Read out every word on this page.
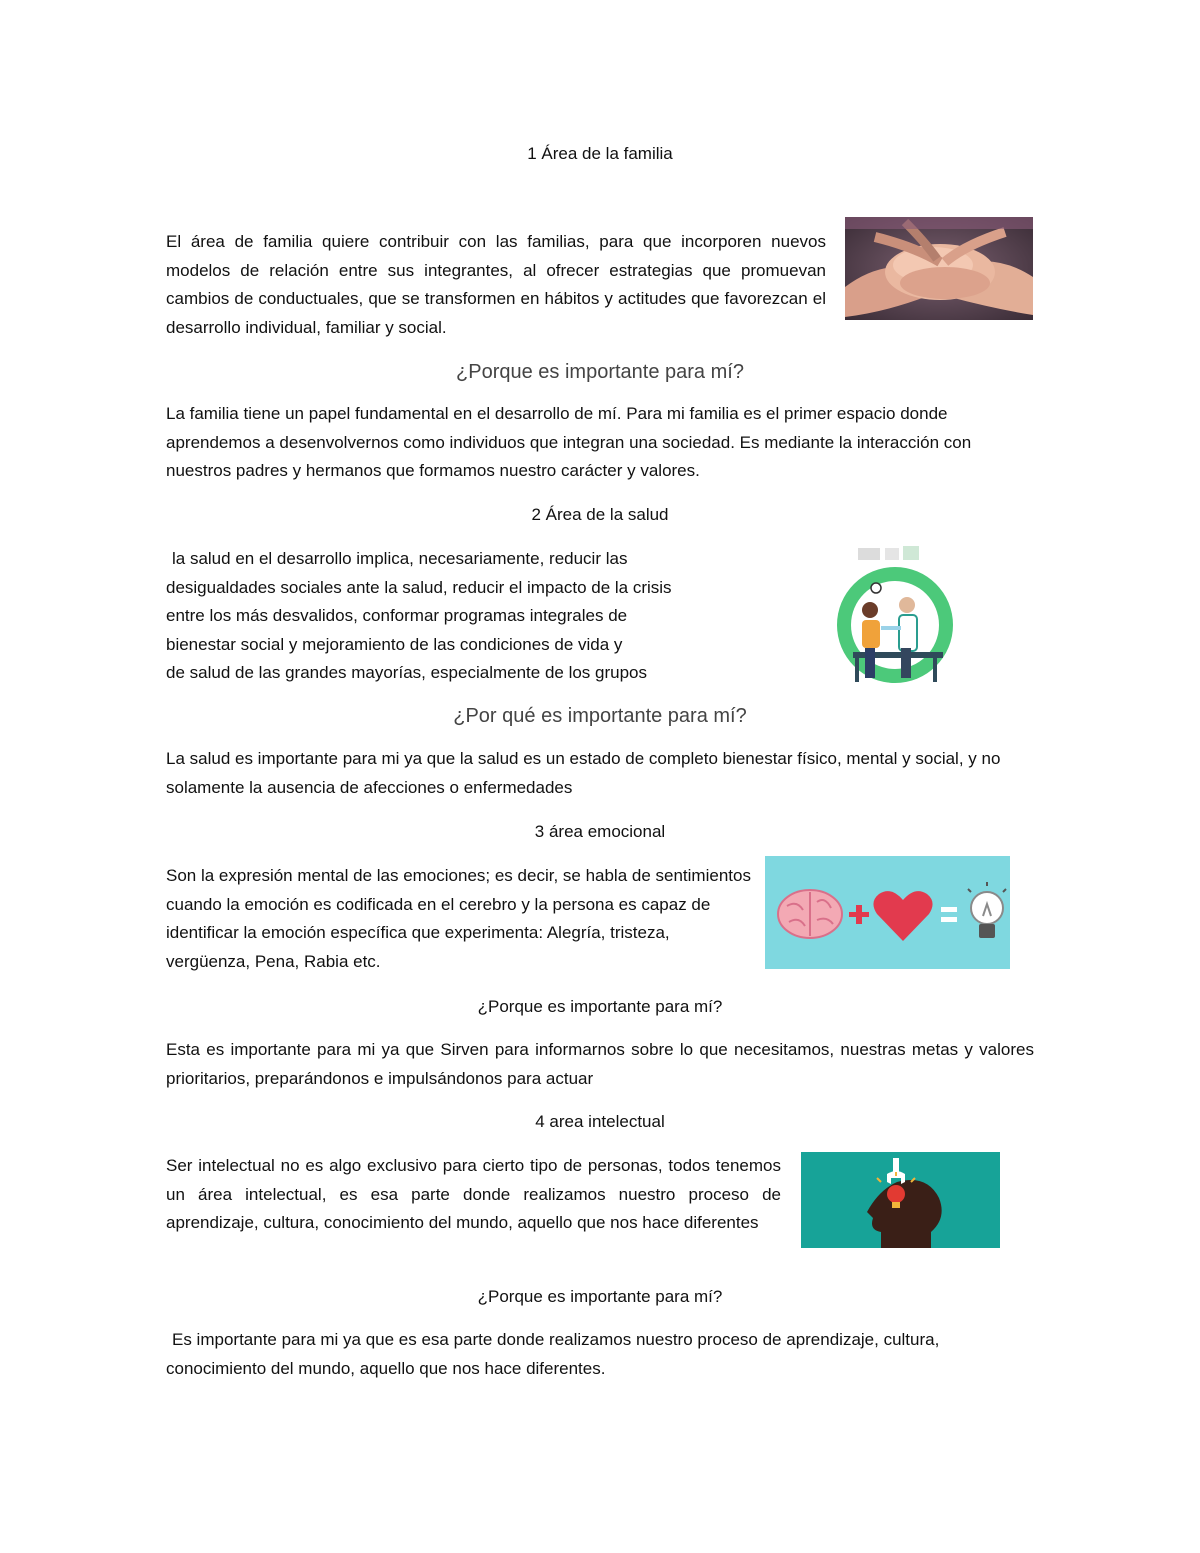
1 Área de la familia

El área de familia quiere contribuir con las familias, para que incorporen nuevos modelos de relación entre sus integrantes, al ofrecer estrategias que promuevan cambios de conductuales, que se transformen en hábitos y actitudes que favorezcan el desarrollo individual, familiar y social.

¿Porque es importante para mí?

La familia tiene un papel fundamental en el desarrollo de mí. Para mi familia es el primer espacio donde aprendemos a desenvolvernos como individuos que integran una sociedad. Es mediante la interacción con nuestros padres y hermanos que formamos nuestro carácter y valores.

2 Área de la salud
la salud en el desarrollo implica, necesariamente, reducir las
desigualdades sociales ante la salud, reducir el impacto de la crisis
entre los más desvalidos, conformar programas integrales de
bienestar social y mejoramiento de las condiciones de vida y
de salud de las grandes mayorías, especialmente de los grupos
¿Por qué es importante para mí?

La salud es importante para mi ya que la salud es un estado de completo bienestar físico, mental y social, y no solamente la ausencia de afecciones o enfermedades

3 área emocional

Son la expresión mental de las emociones; es decir, se habla de sentimientos cuando la emoción es codificada en el cerebro y la persona es capaz de identificar la emoción específica que experimenta: Alegría, tristeza, vergüenza, Pena, Rabia etc.

¿Porque es importante para mí?

Esta es importante para mi ya que Sirven para informarnos sobre lo que necesitamos, nuestras metas y valores prioritarios, preparándonos e impulsándonos para actuar

4 area intelectual

Ser intelectual no es algo exclusivo para cierto tipo de personas, todos tenemos un área intelectual, es esa parte donde realizamos nuestro proceso de aprendizaje, cultura, conocimiento del mundo, aquello que nos hace diferentes

¿Porque es importante para mí?

Es importante para mi ya que es esa parte donde realizamos nuestro proceso de aprendizaje, cultura, conocimiento del mundo, aquello que nos hace diferentes.
